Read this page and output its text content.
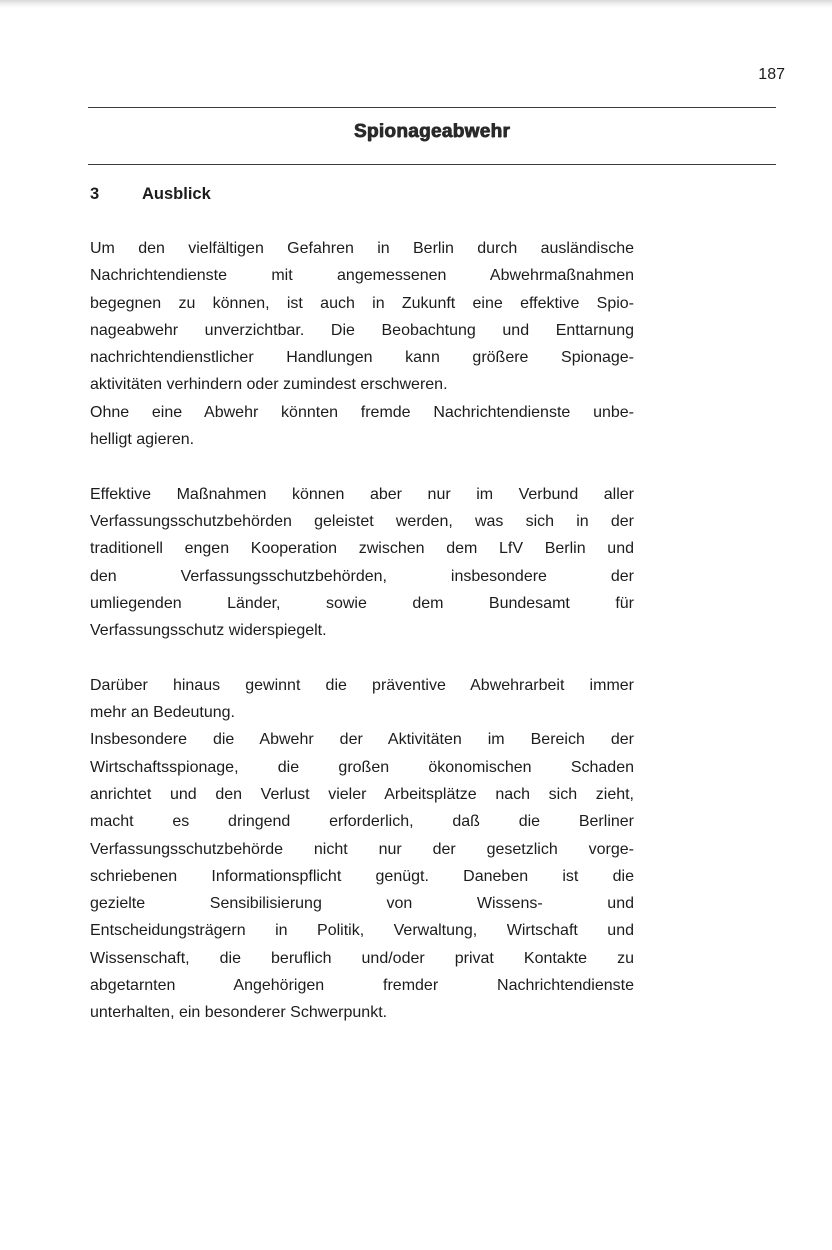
187
Spionageabwehr
3	Ausblick
Um den vielfältigen Gefahren in Berlin durch ausländische
Nachrichtendienste mit angemessenen Abwehrmaßnahmen
begegnen zu können, ist auch in Zukunft eine effektive Spio-
nageabwehr unverzichtbar. Die Beobachtung und Enttarnung
nachrichtendienstlicher Handlungen kann größere Spionage-
aktivitäten verhindern oder zumindest erschweren.
Ohne eine Abwehr könnten fremde Nachrichtendienste unbe-
helligt agieren.
Effektive Maßnahmen können aber nur im Verbund aller
Verfassungsschutzbehörden geleistet werden, was sich in der
traditionell engen Kooperation zwischen dem LfV Berlin und
den Verfassungsschutzbehörden, insbesondere der
umliegenden Länder, sowie dem Bundesamt für
Verfassungsschutz widerspiegelt.
Darüber hinaus gewinnt die präventive Abwehrarbeit immer
mehr an Bedeutung.
Insbesondere die Abwehr der Aktivitäten im Bereich der
Wirtschaftsspionage, die großen ökonomischen Schaden
anrichtet und den Verlust vieler Arbeitsplätze nach sich zieht,
macht es dringend erforderlich, daß die Berliner
Verfassungsschutzbehörde nicht nur der gesetzlich vorge-
schriebenen Informationspflicht genügt. Daneben ist die
gezielte Sensibilisierung von Wissens- und
Entscheidungsträgern in Politik, Verwaltung, Wirtschaft und
Wissenschaft, die beruflich und/oder privat Kontakte zu
abgetarnten Angehörigen fremder Nachrichtendienste
unterhalten, ein besonderer Schwerpunkt.
